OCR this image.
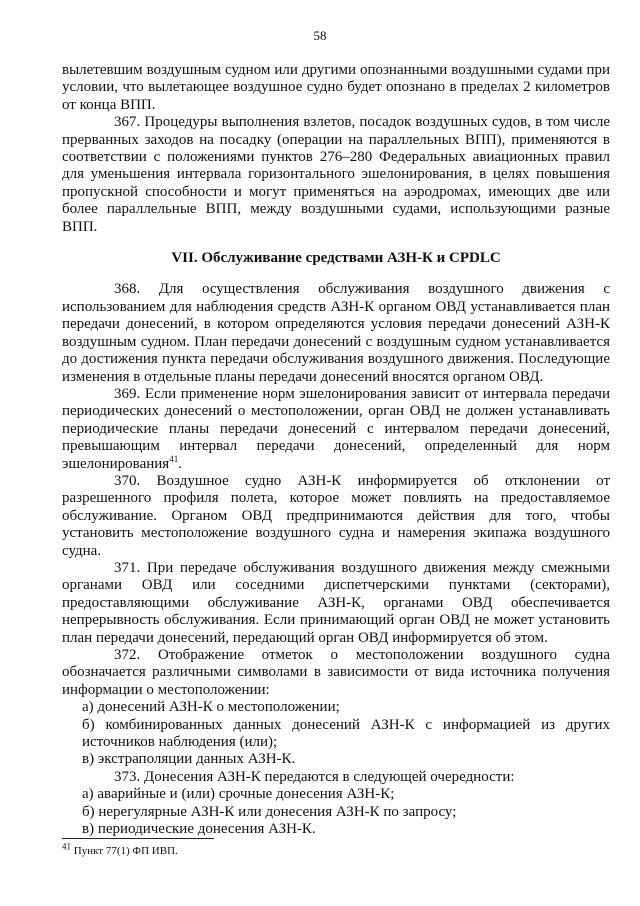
58

вылетевшим воздушным судном или другими опознанными воздушными судами при условии, что вылетающее воздушное судно будет опознано в пределах 2 километров от конца ВПП.

367. Процедуры выполнения взлетов, посадок воздушных судов, в том числе прерванных заходов на посадку (операции на параллельных ВПП), применяются в соответствии с положениями пунктов 276–280 Федеральных авиационных правил для уменьшения интервала горизонтального эшелонирования, в целях повышения пропускной способности и могут применяться на аэродромах, имеющих две или более параллельные ВПП, между воздушными судами, использующими разные ВПП.

VII. Обслуживание средствами АЗН-К и CPDLC

368. Для осуществления обслуживания воздушного движения с использованием для наблюдения средств АЗН-К органом ОВД устанавливается план передачи донесений, в котором определяются условия передачи донесений АЗН-К воздушным судном. План передачи донесений с воздушным судном устанавливается до достижения пункта передачи обслуживания воздушного движения. Последующие изменения в отдельные планы передачи донесений вносятся органом ОВД.

369. Если применение норм эшелонирования зависит от интервала передачи периодических донесений о местоположении, орган ОВД не должен устанавливать периодические планы передачи донесений с интервалом передачи донесений, превышающим интервал передачи донесений, определенный для норм эшелонирования$^{41}$.

370. Воздушное судно АЗН-К информируется об отклонении от разрешенного профиля полета, которое может повлиять на предоставляемое обслуживание. Органом ОВД предпринимаются действия для того, чтобы установить местоположение воздушного судна и намерения экипажа воздушного судна.

371. При передаче обслуживания воздушного движения между смежными органами ОВД или соседними диспетчерскими пунктами (секторами), предоставляющими обслуживание АЗН-К, органами ОВД обеспечивается непрерывность обслуживания. Если принимающий орган ОВД не может установить план передачи донесений, передающий орган ОВД информируется об этом.

372. Отображение отметок о местоположении воздушного судна обозначается различными символами в зависимости от вида источника получения информации о местоположении:

а) донесений АЗН-К о местоположении;

б) комбинированных данных донесений АЗН-К с информацией из других источников наблюдения (или);

в) экстраполяции данных АЗН-К.

373. Донесения АЗН-К передаются в следующей очередности:

а) аварийные и (или) срочные донесения АЗН-К;

б) нерегулярные АЗН-К или донесения АЗН-К по запросу;

в) периодические донесения АЗН-К.

$^{41}$ Пункт 77(1) ФП ИВП.
